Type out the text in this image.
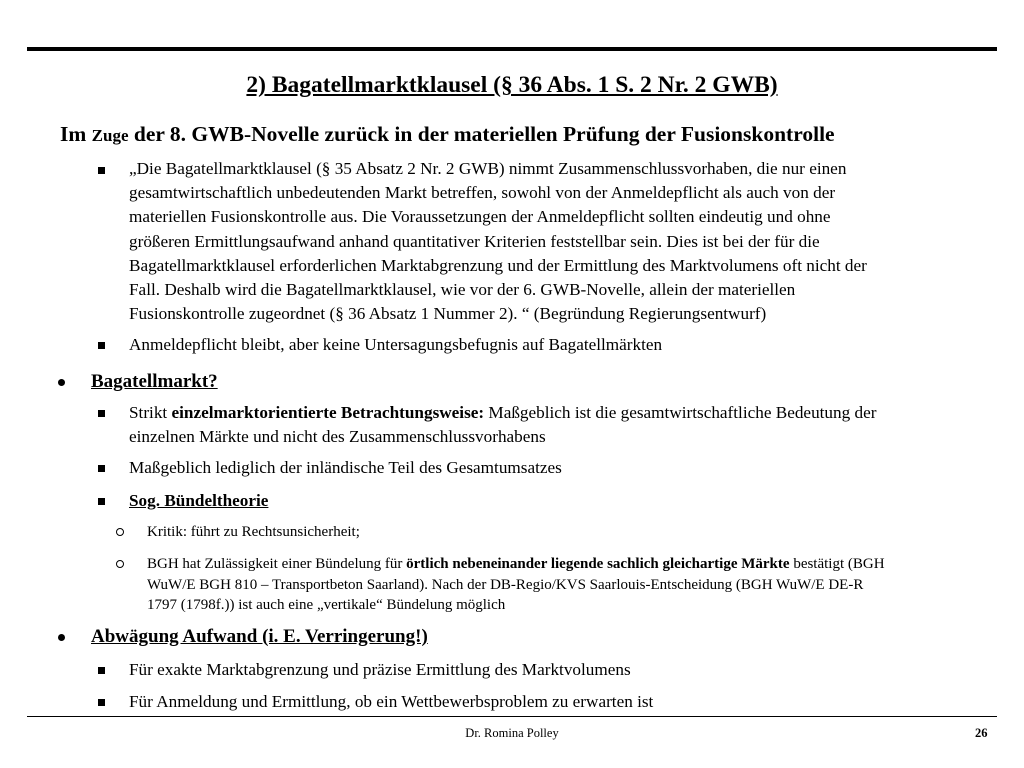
2) Bagatellmarktklausel (§ 36 Abs. 1 S. 2 Nr. 2 GWB)
Im Zuge der 8. GWB-Novelle zurück in der materiellen Prüfung der Fusionskontrolle
„Die Bagatellmarktklausel (§ 35 Absatz 2 Nr. 2 GWB) nimmt Zusammenschlussvorhaben, die nur einen
gesamtwirtschaftlich unbedeutenden Markt betreffen, sowohl von der Anmeldepflicht als auch von der
materiellen Fusionskontrolle aus. Die Voraussetzungen der Anmeldepflicht sollten eindeutig und ohne
größeren Ermittlungsaufwand anhand quantitativer Kriterien feststellbar sein. Dies ist bei der für die
Bagatellmarktklausel erforderlichen Marktabgrenzung und der Ermittlung des Marktvolumens oft nicht der
Fall. Deshalb wird die Bagatellmarktklausel, wie vor der 6. GWB-Novelle, allein der materiellen
Fusionskontrolle zugeordnet (§ 36 Absatz 1 Nummer 2). “ (Begründung Regierungsentwurf)
Anmeldepflicht bleibt, aber keine Untersagungsbefugnis auf Bagatellmärkten
Bagatellmarkt?
Strikt einzelmarktorientierte Betrachtungsweise: Maßgeblich ist die gesamtwirtschaftliche Bedeutung der
einzelnen Märkte und nicht des Zusammenschlussvorhabens
Maßgeblich lediglich der inländische Teil des Gesamtumsatzes
Sog. Bündeltheorie
Kritik: führt zu Rechtsunsicherheit;
BGH hat Zulässigkeit einer Bündelung für örtlich nebeneinander liegende sachlich gleichartige Märkte bestätigt (BGH
WuW/E BGH 810 – Transportbeton Saarland). Nach der DB-Regio/KVS Saarlouis-Entscheidung (BGH WuW/E DE-R
1797 (1798f.)) ist auch eine „vertikale“ Bündelung möglich
Abwägung Aufwand (i. E. Verringerung!)
Für exakte Marktabgrenzung und präzise Ermittlung des Marktvolumens
Für Anmeldung und Ermittlung, ob ein Wettbewerbsproblem zu erwarten ist
Dr. Romina Polley	26
